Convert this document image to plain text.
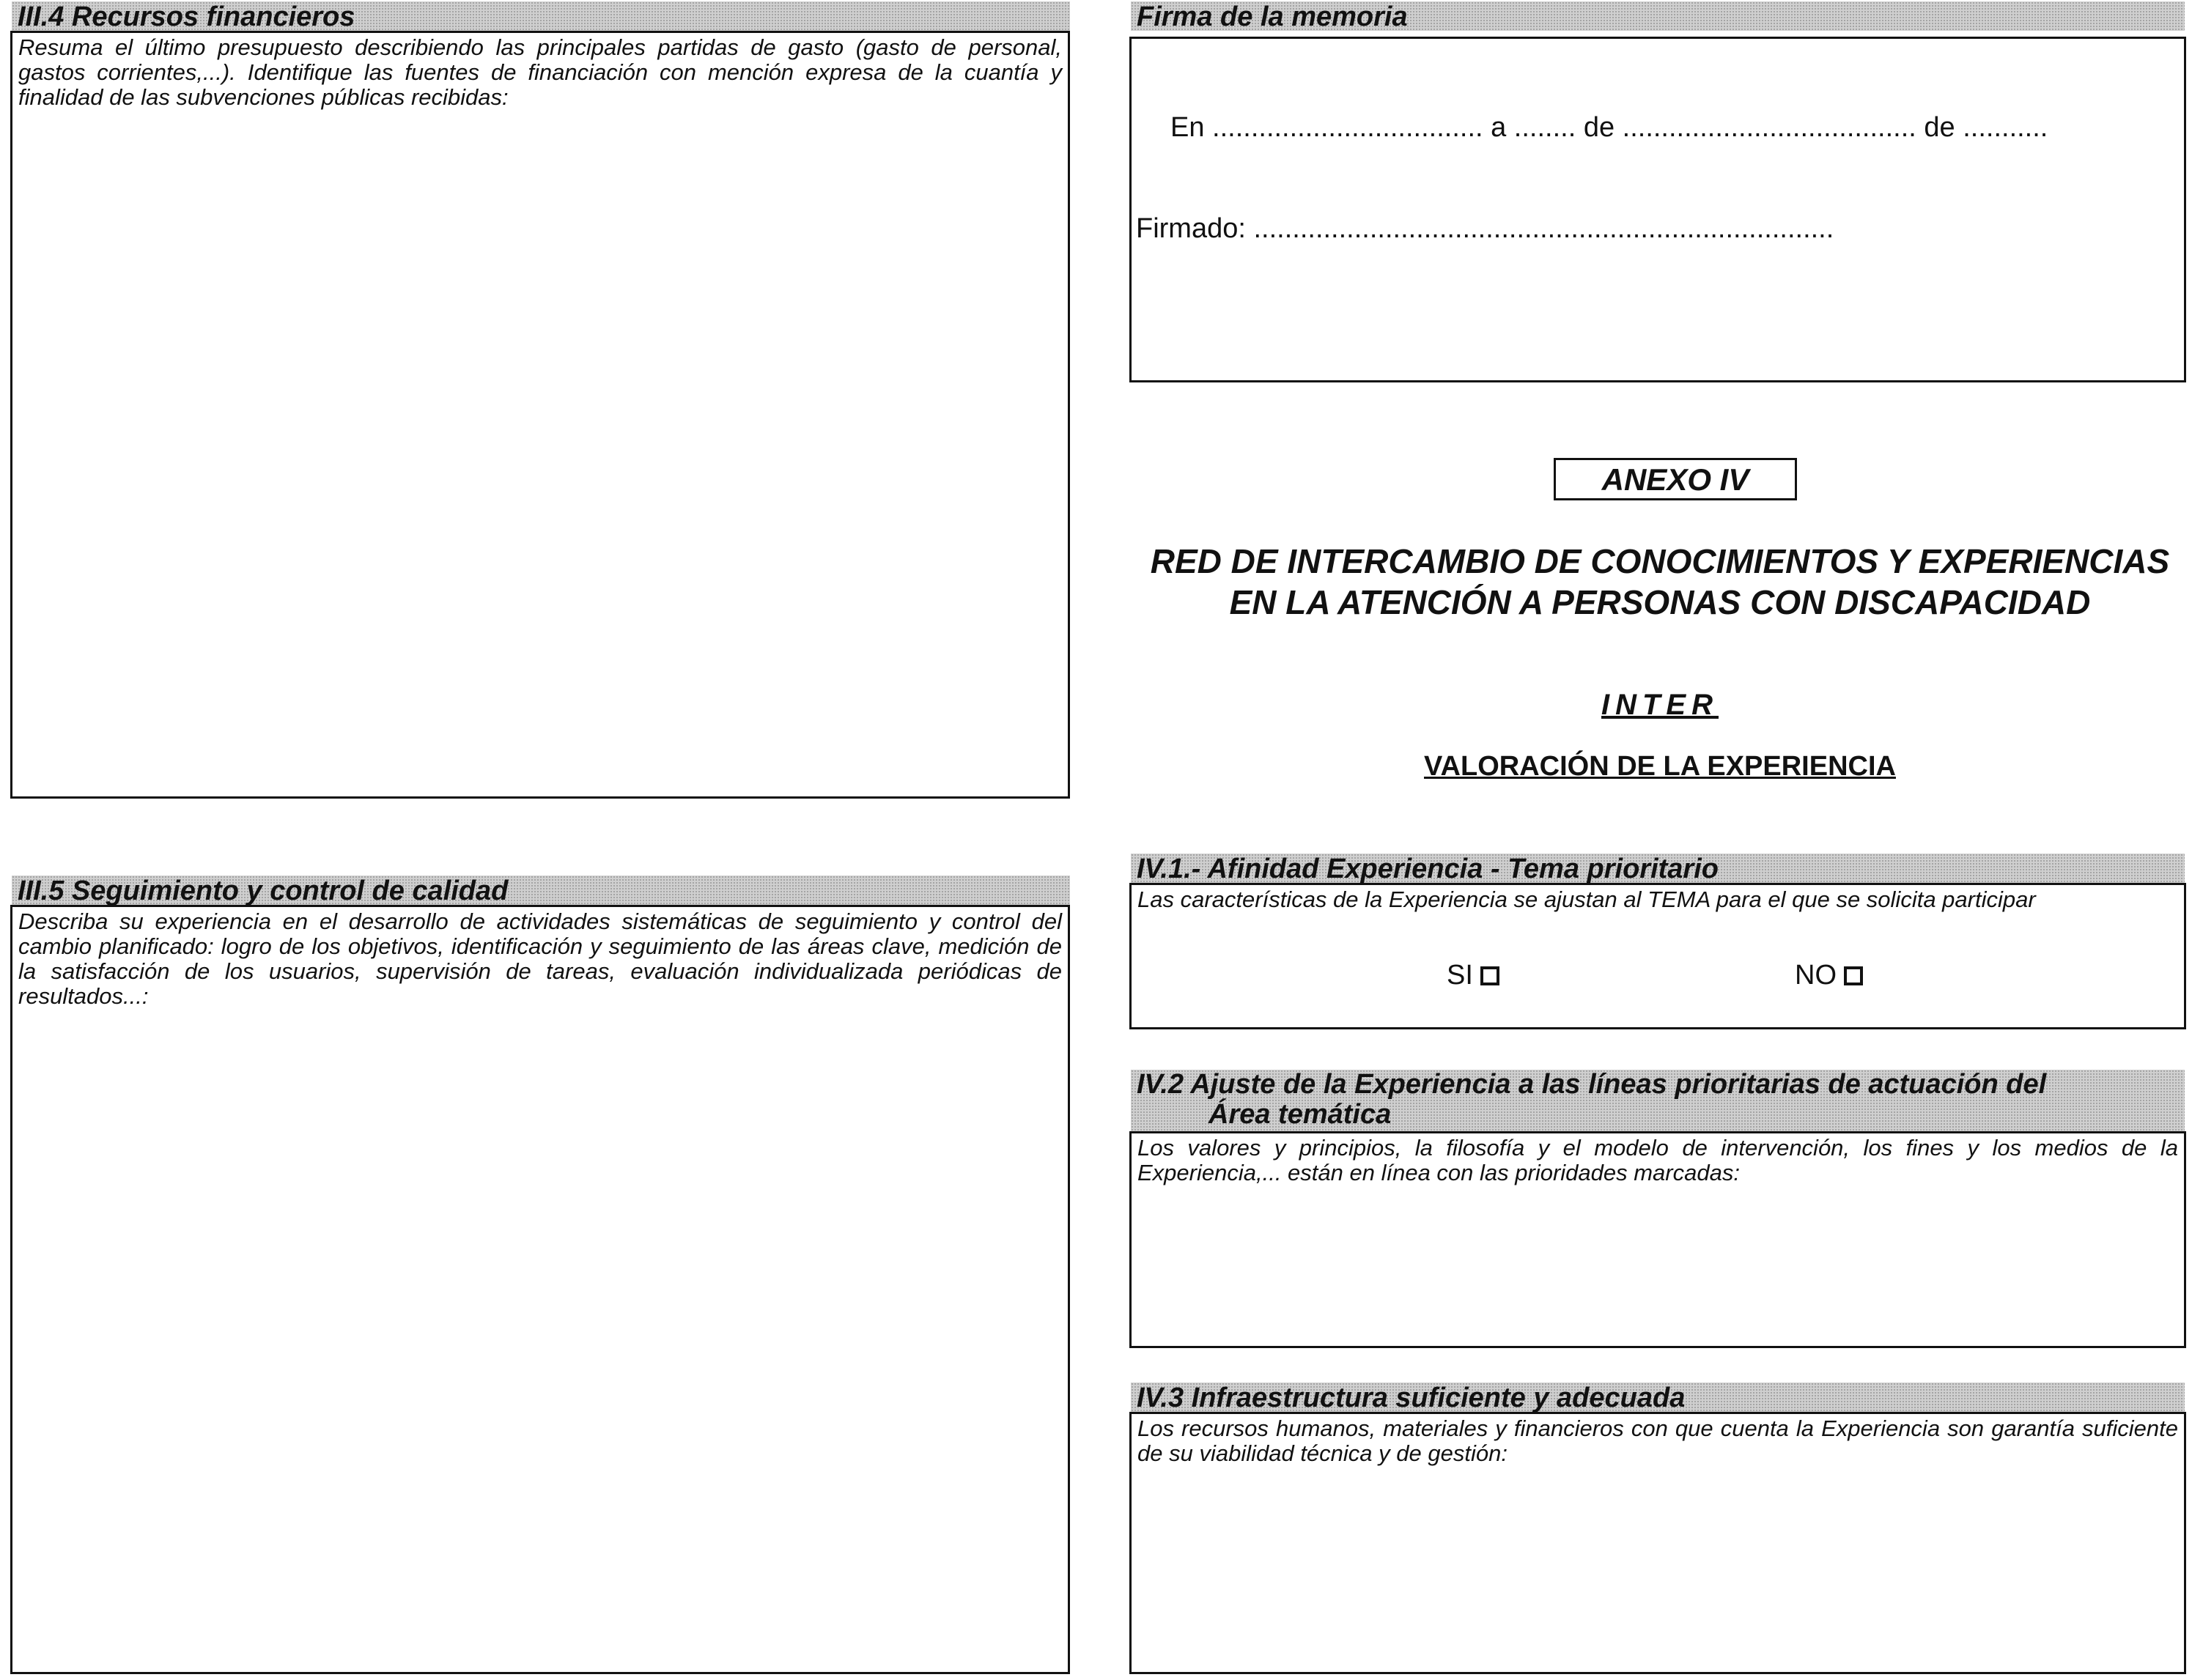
III.4 Recursos financieros
Resuma el último presupuesto describiendo las principales partidas de gasto (gasto de personal, gastos corrientes,...). Identifique las fuentes de financiación con mención expresa de la cuantía y finalidad de las subvenciones públicas recibidas:
III.5 Seguimiento y control de calidad
Describa su experiencia en el desarrollo de actividades sistemáticas de seguimiento y control del cambio planificado: logro de los objetivos, identificación y seguimiento de las áreas clave, medición de la satisfacción de los usuarios, supervisión de tareas, evaluación individualizada periódicas de resultados...:
Firma de la memoria
En ................................... a ........ de ...................................... de ...........
Firmado: ...........................................................................
ANEXO IV
RED DE INTERCAMBIO DE CONOCIMIENTOS Y EXPERIENCIAS
EN LA ATENCIÓN A PERSONAS CON DISCAPACIDAD
INTER
VALORACIÓN DE LA EXPERIENCIA
IV.1.- Afinidad Experiencia - Tema prioritario
Las características de la Experiencia se ajustan al TEMA para el que se solicita participar
SI	NO
IV.2 Ajuste de la Experiencia a las líneas prioritarias de actuación del
Área temática
Los valores y principios, la filosofía y el modelo de intervención, los fines y los medios de la Experiencia,... están en línea con las prioridades marcadas:
IV.3 Infraestructura suficiente y adecuada
Los recursos humanos, materiales y financieros con que cuenta la Experiencia son garantía suficiente de su viabilidad técnica y de gestión:
